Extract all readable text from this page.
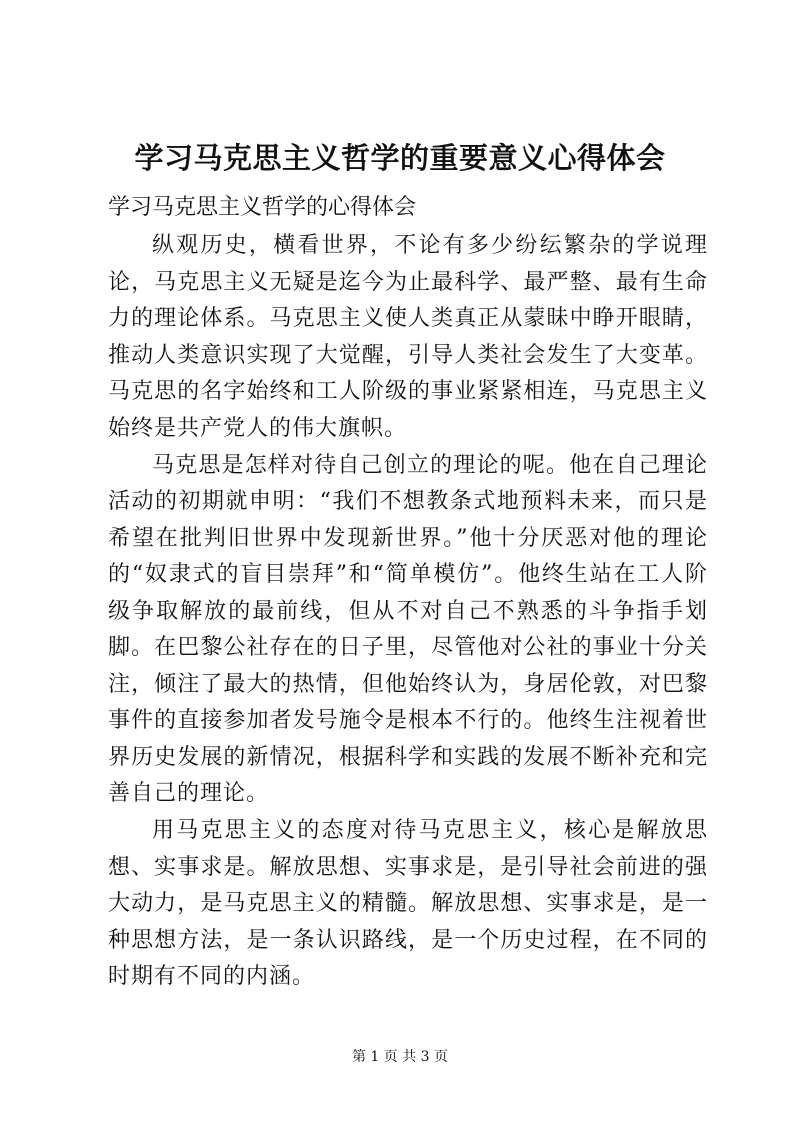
学习马克思主义哲学的重要意义心得体会

学习马克思主义哲学的心得体会

纵观历史，横看世界，不论有多少纷纭繁杂的学说理论，马克思主义无疑是迄今为止最科学、最严整、最有生命力的理论体系。马克思主义使人类真正从蒙昧中睁开眼睛，推动人类意识实现了大觉醒，引导人类社会发生了大变革。马克思的名字始终和工人阶级的事业紧紧相连，马克思主义始终是共产党人的伟大旗帜。

马克思是怎样对待自己创立的理论的呢。他在自己理论活动的初期就申明：“我们不想教条式地预料未来，而只是希望在批判旧世界中发现新世界。”他十分厌恶对他的理论的“奴隶式的盲目崇拜”和“简单模仿”。他终生站在工人阶级争取解放的最前线，但从不对自己不熟悉的斗争指手划脚。在巴黎公社存在的日子里，尽管他对公社的事业十分关注，倾注了最大的热情，但他始终认为，身居伦敦，对巴黎事件的直接参加者发号施令是根本不行的。他终生注视着世界历史发展的新情况，根据科学和实践的发展不断补充和完善自己的理论。

用马克思主义的态度对待马克思主义，核心是解放思想、实事求是。解放思想、实事求是，是引导社会前进的强大动力，是马克思主义的精髓。解放思想、实事求是，是一种思想方法，是一条认识路线，是一个历史过程，在不同的时期有不同的内涵。

第 1 页 共 3 页
